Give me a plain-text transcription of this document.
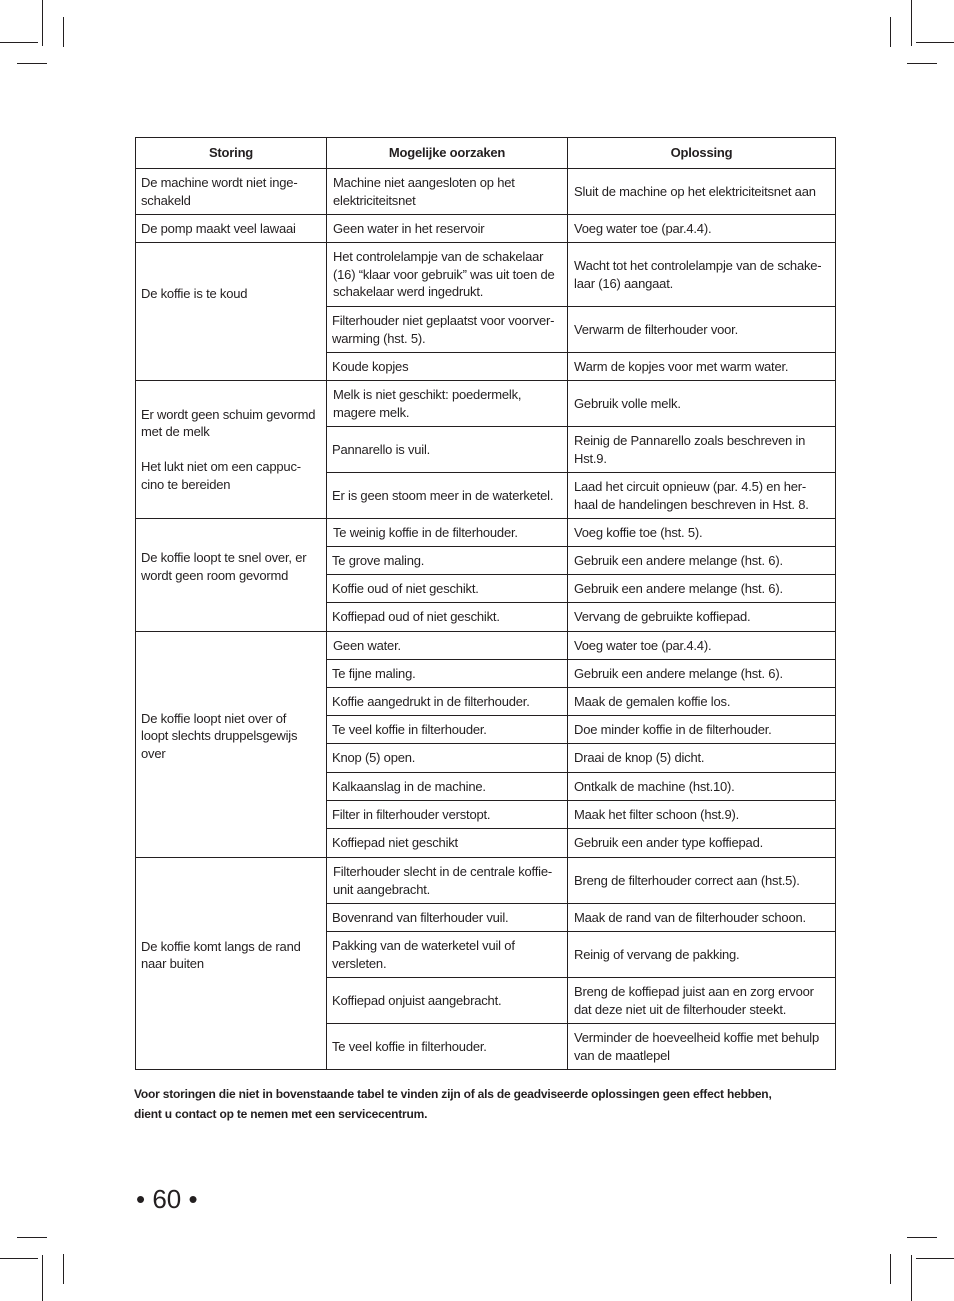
Storing	Mogelijke oorzaken	Oplossing
De machine wordt niet inge-
schakeld	Machine niet aangesloten op het
elektriciteitsnet	Sluit de machine op het elektriciteitsnet aan
De pomp maakt veel lawaai	Geen water in het reservoir	Voeg water toe (par.4.4).
De koffie is te koud	Het controlelampje van de schakelaar
(16) “klaar voor gebruik” was uit toen de
schakelaar werd ingedrukt.	Wacht tot het controlelampje van de schake-
laar (16) aangaat.
	Filterhouder niet geplaatst voor voorver-
warming (hst. 5).	Verwarm de filterhouder voor.
	Koude kopjes	Warm de kopjes voor met warm water.
Er wordt geen schuim gevormd
met de melk

Het lukt niet om een cappuc-
cino te bereiden	Melk is niet geschikt: poedermelk,
magere melk.	Gebruik volle melk.
	Pannarello is vuil.	Reinig de Pannarello zoals beschreven in
Hst.9.
	Er is geen stoom meer in de waterketel.	Laad het circuit opnieuw (par. 4.5) en her-
haal de handelingen beschreven in Hst. 8.
De koffie loopt te snel over, er
wordt geen room gevormd	Te weinig koffie in de filterhouder.	Voeg koffie toe (hst. 5).
	Te grove maling.	Gebruik een andere melange (hst. 6).
	Koffie oud of niet geschikt.	Gebruik een andere melange (hst. 6).
	Koffiepad oud of niet geschikt.	Vervang de gebruikte koffiepad.
De koffie loopt niet over of
loopt slechts druppelsgewijs
over	Geen water.	Voeg water toe (par.4.4).
	Te fijne maling.	Gebruik een andere melange (hst. 6).
	Koffie aangedrukt in de filterhouder.	Maak de gemalen koffie los.
	Te veel koffie in filterhouder.	Doe minder koffie in de filterhouder.
	Knop (5) open.	Draai de knop (5) dicht.
	Kalkaanslag in de machine.	Ontkalk de machine (hst.10).
	Filter in filterhouder verstopt.	Maak het filter schoon (hst.9).
	Koffiepad niet geschikt	Gebruik een ander type koffiepad.
De koffie komt langs de rand
naar buiten	Filterhouder slecht in de centrale koffie-
unit aangebracht.	Breng de filterhouder correct aan (hst.5).
	Bovenrand van filterhouder vuil.	Maak de rand van de filterhouder schoon.
	Pakking van de waterketel vuil of
versleten.	Reinig of vervang de pakking.
	Koffiepad onjuist aangebracht.	Breng de koffiepad juist aan en zorg ervoor
dat deze niet uit de filterhouder steekt.
	Te veel koffie in filterhouder.	Verminder de hoeveelheid koffie met behulp
van de maatlepel
Voor storingen die niet in bovenstaande tabel te vinden zijn of als de geadviseerde oplossingen geen effect hebben,
dient u contact op te nemen met een servicecentrum.
• 60 •
